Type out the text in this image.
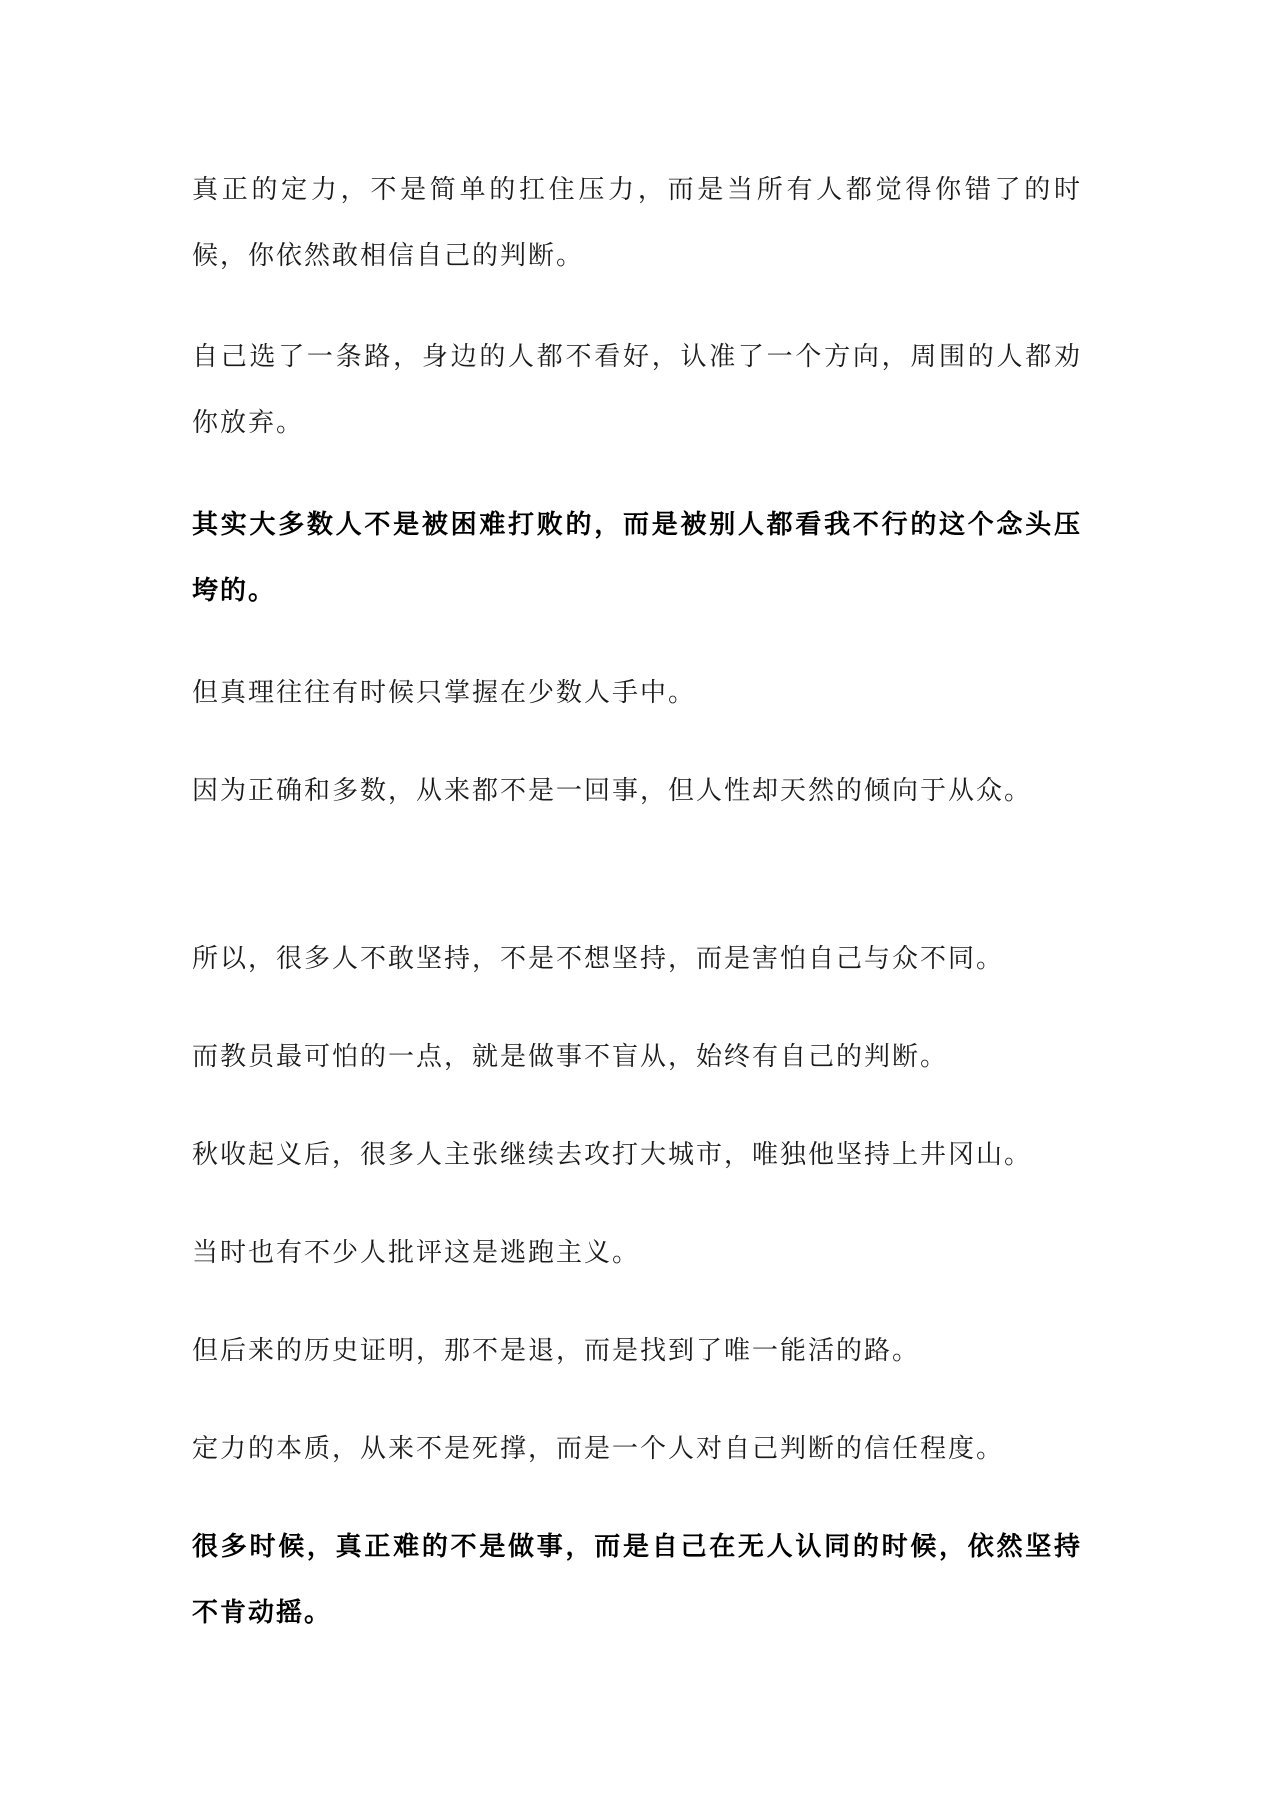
真正的定力，不是简单的扛住压力，而是当所有人都觉得你错了的时候，你依然敢相信自己的判断。

自己选了一条路，身边的人都不看好，认准了一个方向，周围的人都劝你放弃。

其实大多数人不是被困难打败的，而是被别人都看我不行的这个念头压垮的。

但真理往往有时候只掌握在少数人手中。

因为正确和多数，从来都不是一回事，但人性却天然的倾向于从众。

所以，很多人不敢坚持，不是不想坚持，而是害怕自己与众不同。

而教员最可怕的一点，就是做事不盲从，始终有自己的判断。

秋收起义后，很多人主张继续去攻打大城市，唯独他坚持上井冈山。

当时也有不少人批评这是逃跑主义。

但后来的历史证明，那不是退，而是找到了唯一能活的路。

定力的本质，从来不是死撑，而是一个人对自己判断的信任程度。

很多时候，真正难的不是做事，而是自己在无人认同的时候，依然坚持不肯动摇。
